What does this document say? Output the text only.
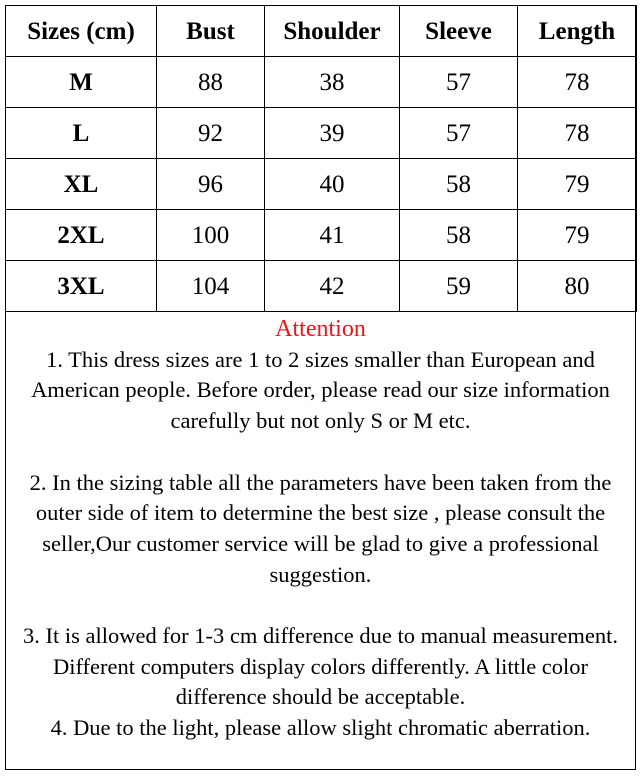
Sizes (cm)	Bust	Shoulder	Sleeve	Length
M	88	38	57	78
L	92	39	57	78
XL	96	40	58	79
2XL	100	41	58	79
3XL	104	42	59	80

Attention

1. This dress sizes are 1 to 2 sizes smaller than European and American people. Before order, please read our size information carefully but not only S or M etc.

2. In the sizing table all the parameters have been taken from the outer side of item to determine the best size , please consult the seller,Our customer service will be glad to give a professional suggestion.

3. It is allowed for 1-3 cm difference due to manual measurement. Different computers display colors differently. A little color difference should be acceptable.

4. Due to the light, please allow slight chromatic aberration.
